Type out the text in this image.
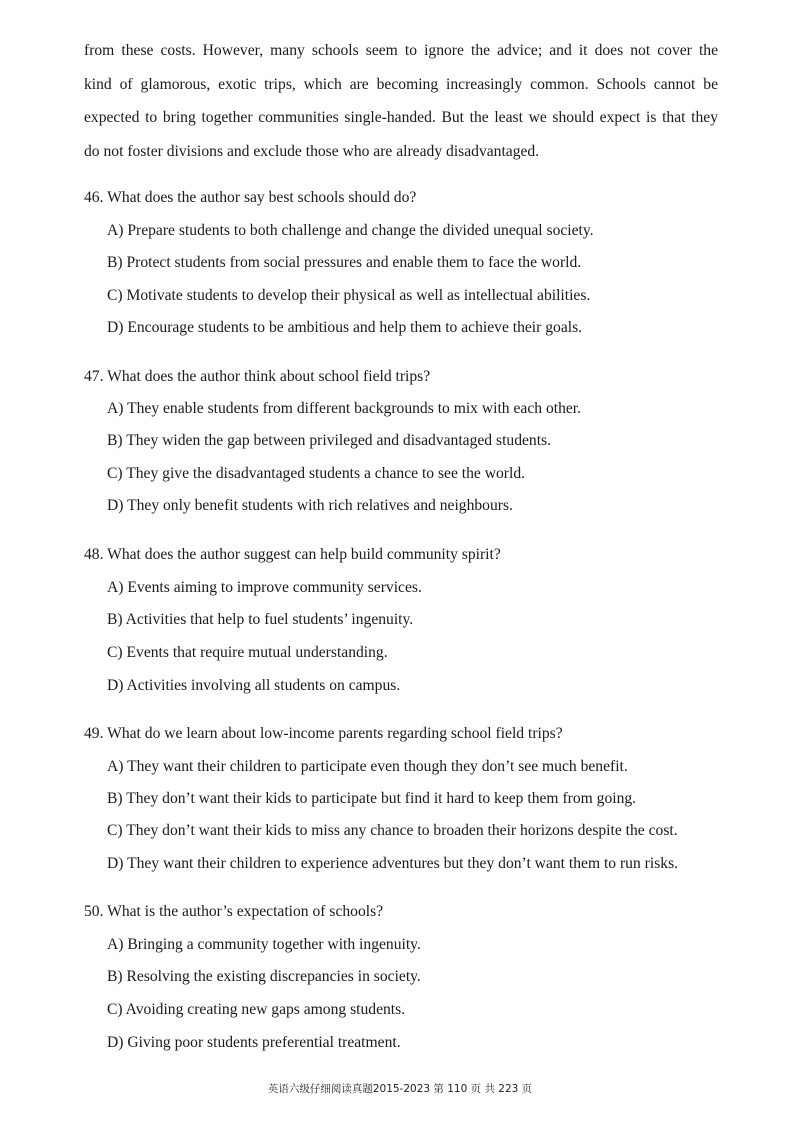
from these costs. However, many schools seem to ignore the advice; and it does not cover the
kind of glamorous, exotic trips, which are becoming increasingly common. Schools cannot be
expected to bring together communities single-handed. But the least we should expect is that they
do not foster divisions and exclude those who are already disadvantaged.
46. What does the author say best schools should do?
A) Prepare students to both challenge and change the divided unequal society.
B) Protect students from social pressures and enable them to face the world.
C) Motivate students to develop their physical as well as intellectual abilities.
D) Encourage students to be ambitious and help them to achieve their goals.
47. What does the author think about school field trips?
A) They enable students from different backgrounds to mix with each other.
B) They widen the gap between privileged and disadvantaged students.
C) They give the disadvantaged students a chance to see the world.
D) They only benefit students with rich relatives and neighbours.
48. What does the author suggest can help build community spirit?
A) Events aiming to improve community services.
B) Activities that help to fuel students’ ingenuity.
C) Events that require mutual understanding.
D) Activities involving all students on campus.
49. What do we learn about low-income parents regarding school field trips?
A) They want their children to participate even though they don’t see much benefit.
B) They don’t want their kids to participate but find it hard to keep them from going.
C) They don’t want their kids to miss any chance to broaden their horizons despite the cost.
D) They want their children to experience adventures but they don’t want them to run risks.
50. What is the author’s expectation of schools?
A) Bringing a community together with ingenuity.
B) Resolving the existing discrepancies in society.
C) Avoiding creating new gaps among students.
D) Giving poor students preferential treatment.
英语六级仔细阅读真题2015-2023 第 110 页 共 223 页
